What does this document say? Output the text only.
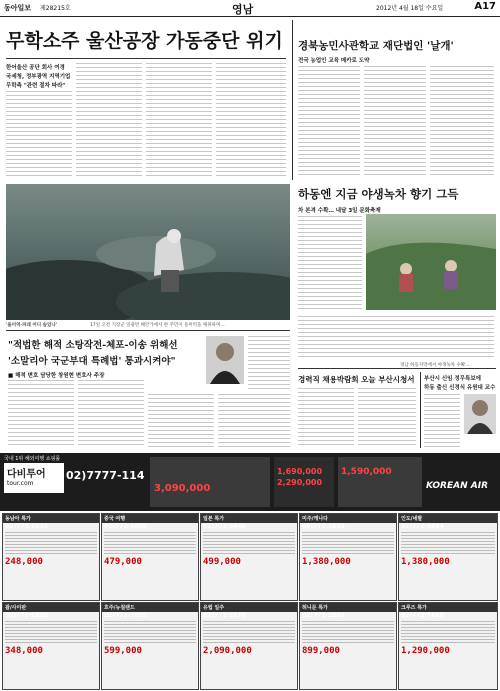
동아일보 제28215호	영남	2012년 4월 18일 수요일	A17
무학소주 울산공장 가동중단 위기
한어울산 공단 회사 여경
국세청, 정부광역 지역기업
무학측 "관련 절차 따라"
경북농민사관학교 재단법인 '날개'
전국 농업인 교육 메카로 도약
'돌미역·파래 어디 숨었나'	17일 오전 기장군 일광면 해안가에서 한 주민이 돌미역을 채취하며…
하동엔 지금 야생녹차 향기 그득
차 본격 수확… 내달 3일 문화축제
경남 하동지역에서 야생녹차 수확…
"적법한 해적 소탕작전-체포-이송 위해선
'소말리아 국군부대 특례법' 통과시켜야"
■ 해적 변호 담당한 창원현 변호사 주장	경력직 채용박람회 오늘 부산시청서 부산시 신임 정무특보에
하동 출신 신경식 유원대 교수
국내 1위 해외여행 쇼핑몰
다비투어
tour.com
02)7777-114
3,090,000
1,690,000
2,290,000
1,590,000
KOREAN AIR
동남아 특가
02)772-5810
248,000
중국 여행
02)772-5890
479,000
일본 특가
02)772-5840
499,000
미주/캐나다
02)772-5820
1,380,000
인도/네팔
02)772-5864
1,380,000
괌/사이판
02)772-5830
348,000
호주/뉴질랜드
02)772-5850
599,000
유럽 일주
02)772-5870
2,090,000
허니문 특가
02)772-5880
899,000
크루즈 특가
02)772-5860
1,290,000
